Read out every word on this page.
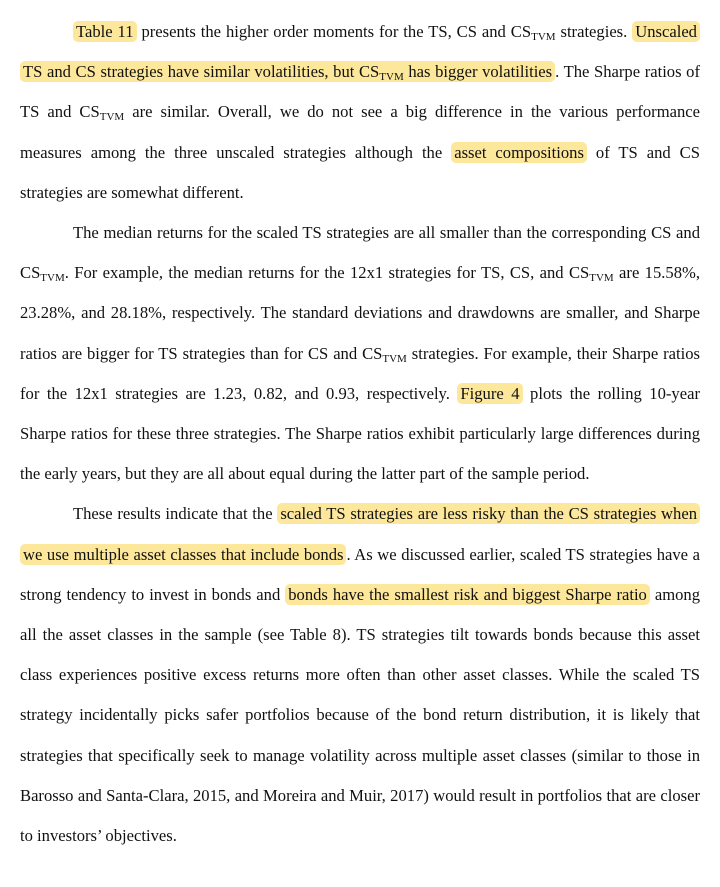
Table 11 presents the higher order moments for the TS, CS and $CS_{TVM}$ strategies. Unscaled TS and CS strategies have similar volatilities, but $CS_{TVM}$ has bigger volatilities . The Sharpe ratios of TS and $CS_{TVM}$ are similar. Overall, we do not see a big difference in the various performance measures among the three unscaled strategies although the asset compositions of TS and CS strategies are somewhat different.

The median returns for the scaled TS strategies are all smaller than the corresponding CS and $CS_{TVM}$. For example, the median returns for the 12x1 strategies for TS, CS, and $CS_{TVM}$ are 15.58%, 23.28%, and 28.18%, respectively. The standard deviations and drawdowns are smaller, and Sharpe ratios are bigger for TS strategies than for CS and $CS_{TVM}$ strategies. For example, their Sharpe ratios for the 12x1 strategies are 1.23, 0.82, and 0.93, respectively. Figure 4 plots the rolling 10-year Sharpe ratios for these three strategies. The Sharpe ratios exhibit particularly large differences during the early years, but they are all about equal during the latter part of the sample period.

These results indicate that the scaled TS strategies are less risky than the CS strategies when we use multiple asset classes that include bonds . As we discussed earlier, scaled TS strategies have a strong tendency to invest in bonds and bonds have the smallest risk and biggest Sharpe ratio among all the asset classes in the sample (see Table 8). TS strategies tilt towards bonds because this asset class experiences positive excess returns more often than other asset classes. While the scaled TS strategy incidentally picks safer portfolios because of the bond return distribution, it is likely that strategies that specifically seek to manage volatility across multiple asset classes (similar to those in Barosso and Santa-Clara, 2015, and Moreira and Muir, 2017) would result in portfolios that are closer to investors’ objectives.
